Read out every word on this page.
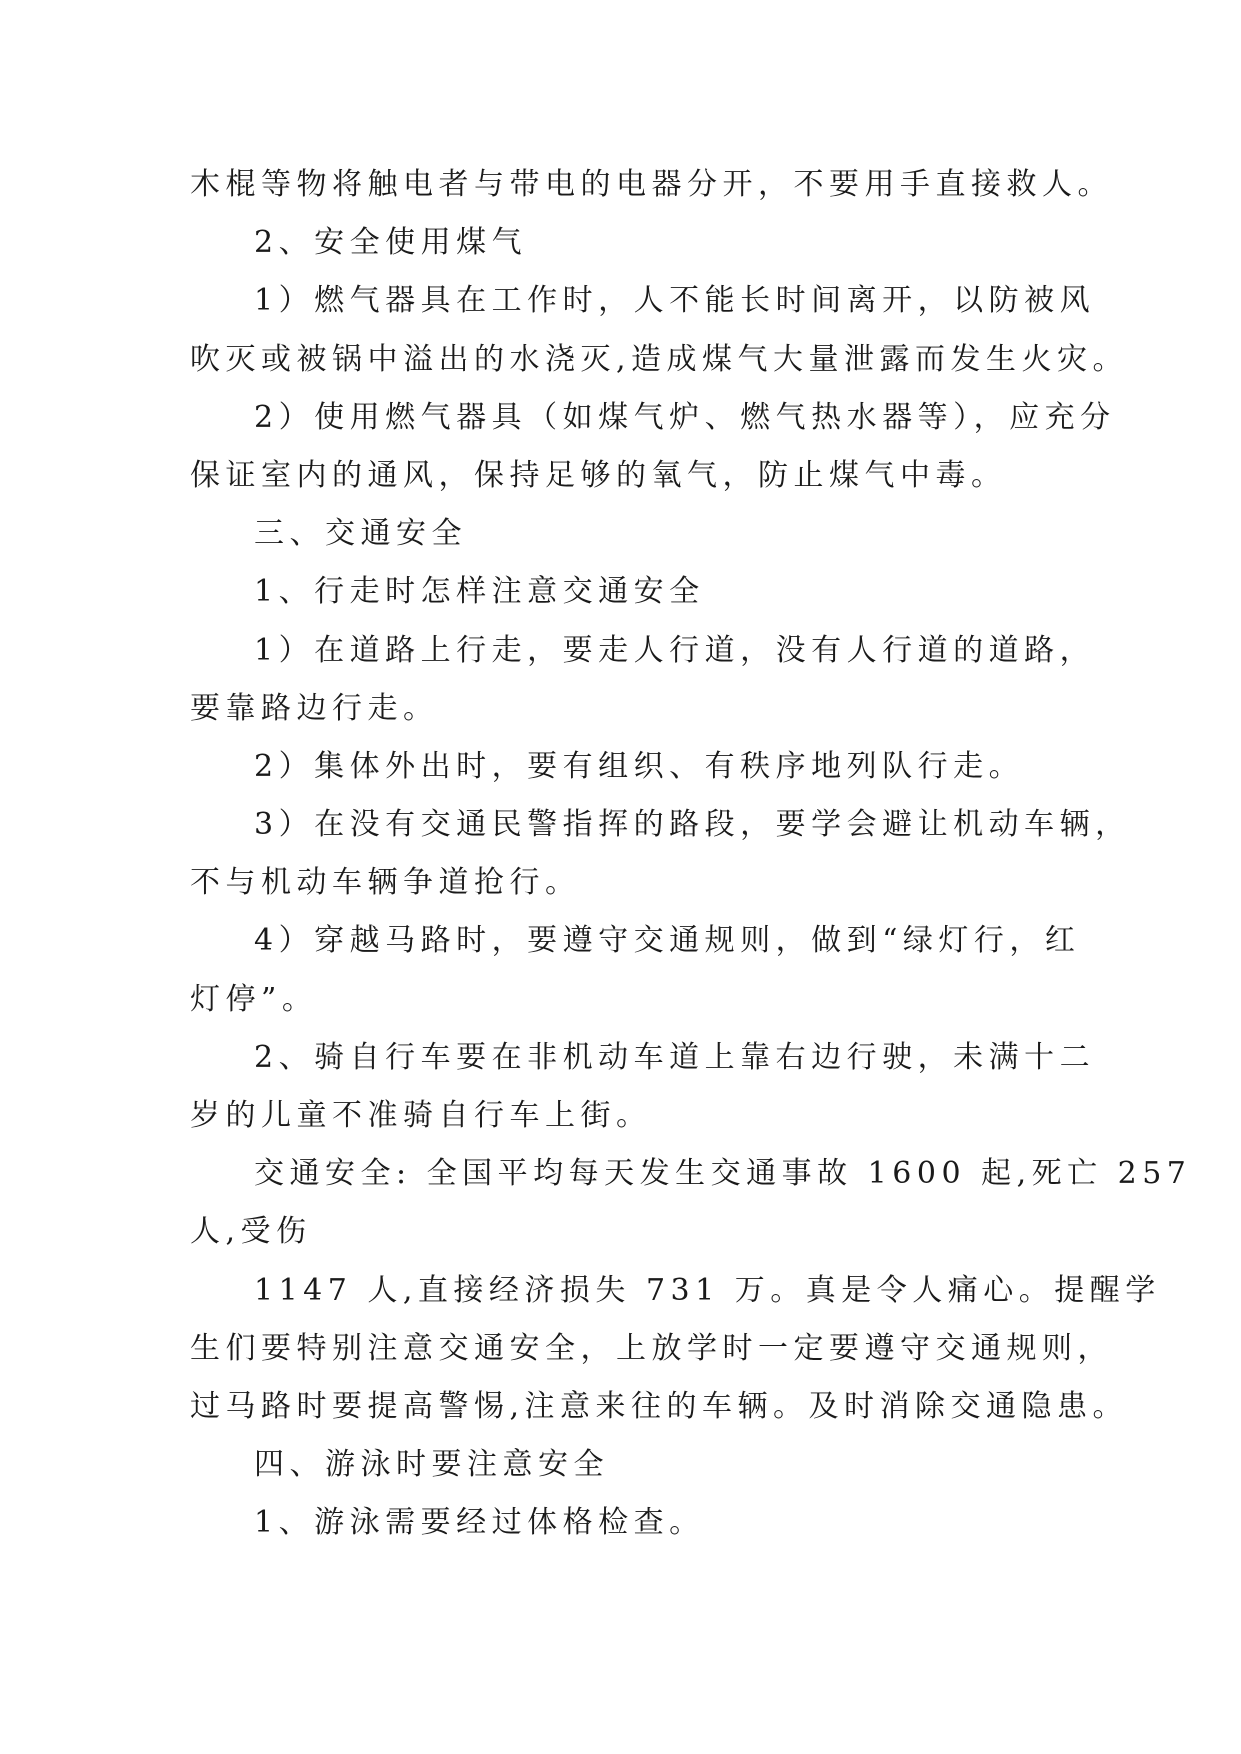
木棍等物将触电者与带电的电器分开，不要用手直接救人。
2、安全使用煤气
1）燃气器具在工作时，人不能长时间离开，以防被风
吹灭或被锅中溢出的水浇灭,造成煤气大量泄露而发生火灾。
2）使用燃气器具（如煤气炉、燃气热水器等），应充分
保证室内的通风，保持足够的氧气，防止煤气中毒。
三、交通安全
1、行走时怎样注意交通安全
1）在道路上行走，要走人行道，没有人行道的道路，
要靠路边行走。
2）集体外出时，要有组织、有秩序地列队行走。
3）在没有交通民警指挥的路段，要学会避让机动车辆，
不与机动车辆争道抢行。
4）穿越马路时，要遵守交通规则，做到“绿灯行，红
灯停”。
2、骑自行车要在非机动车道上靠右边行驶，未满十二
岁的儿童不准骑自行车上街。
交通安全: 全国平均每天发生交通事故 1600 起,死亡 257
人,受伤
1147 人,直接经济损失 731 万。真是令人痛心。提醒学
生们要特别注意交通安全，上放学时一定要遵守交通规则，
过马路时要提高警惕,注意来往的车辆。及时消除交通隐患。
四、游泳时要注意安全
1、游泳需要经过体格检查。
